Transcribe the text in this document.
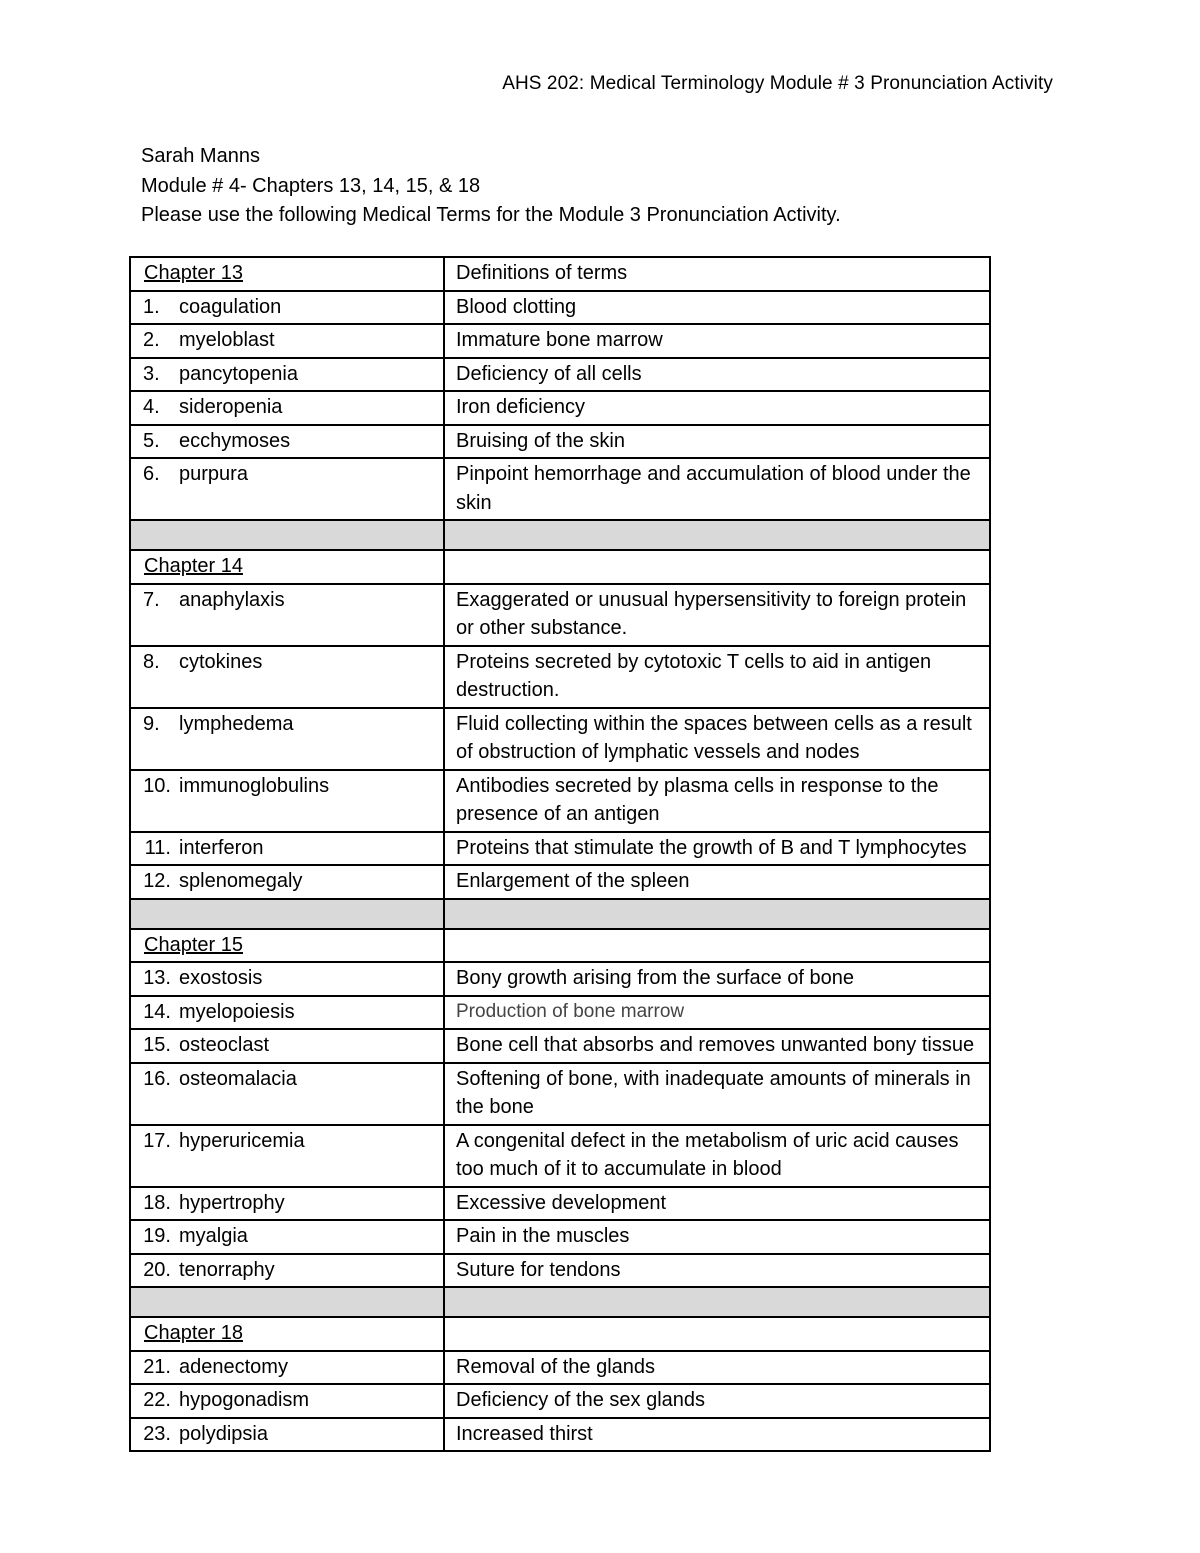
AHS 202: Medical Terminology Module # 3 Pronunciation Activity
Sarah Manns
Module # 4- Chapters 13, 14, 15, & 18
Please use the following Medical Terms for the Module 3 Pronunciation Activity.
Chapter 13	Definitions of terms
1. coagulation	Blood clotting
2. myeloblast	Immature bone marrow
3. pancytopenia	Deficiency of all cells
4. sideropenia	Iron deficiency
5. ecchymoses	Bruising of the skin
6. purpura	Pinpoint hemorrhage and accumulation of blood under the skin

Chapter 14	
7. anaphylaxis	Exaggerated or unusual hypersensitivity to foreign protein or other substance.
8. cytokines	Proteins secreted by cytotoxic T cells to aid in antigen destruction.
9. lymphedema	Fluid collecting within the spaces between cells as a result of obstruction of lymphatic vessels and nodes
10. immunoglobulins	Antibodies secreted by plasma cells in response to the presence of an antigen
11. interferon	Proteins that stimulate the growth of B and T lymphocytes
12. splenomegaly	Enlargement of the spleen

Chapter 15	
13. exostosis	Bony growth arising from the surface of bone
14. myelopoiesis	Production of bone marrow
15. osteoclast	Bone cell that absorbs and removes unwanted bony tissue
16. osteomalacia	Softening of bone, with inadequate amounts of minerals in the bone
17. hyperuricemia	A congenital defect in the metabolism of uric acid causes too much of it to accumulate in blood
18. hypertrophy	Excessive development
19. myalgia	Pain in the muscles
20. tenorraphy	Suture for tendons

Chapter 18	
21. adenectomy	Removal of the glands
22. hypogonadism	Deficiency of the sex glands
23. polydipsia	Increased thirst
